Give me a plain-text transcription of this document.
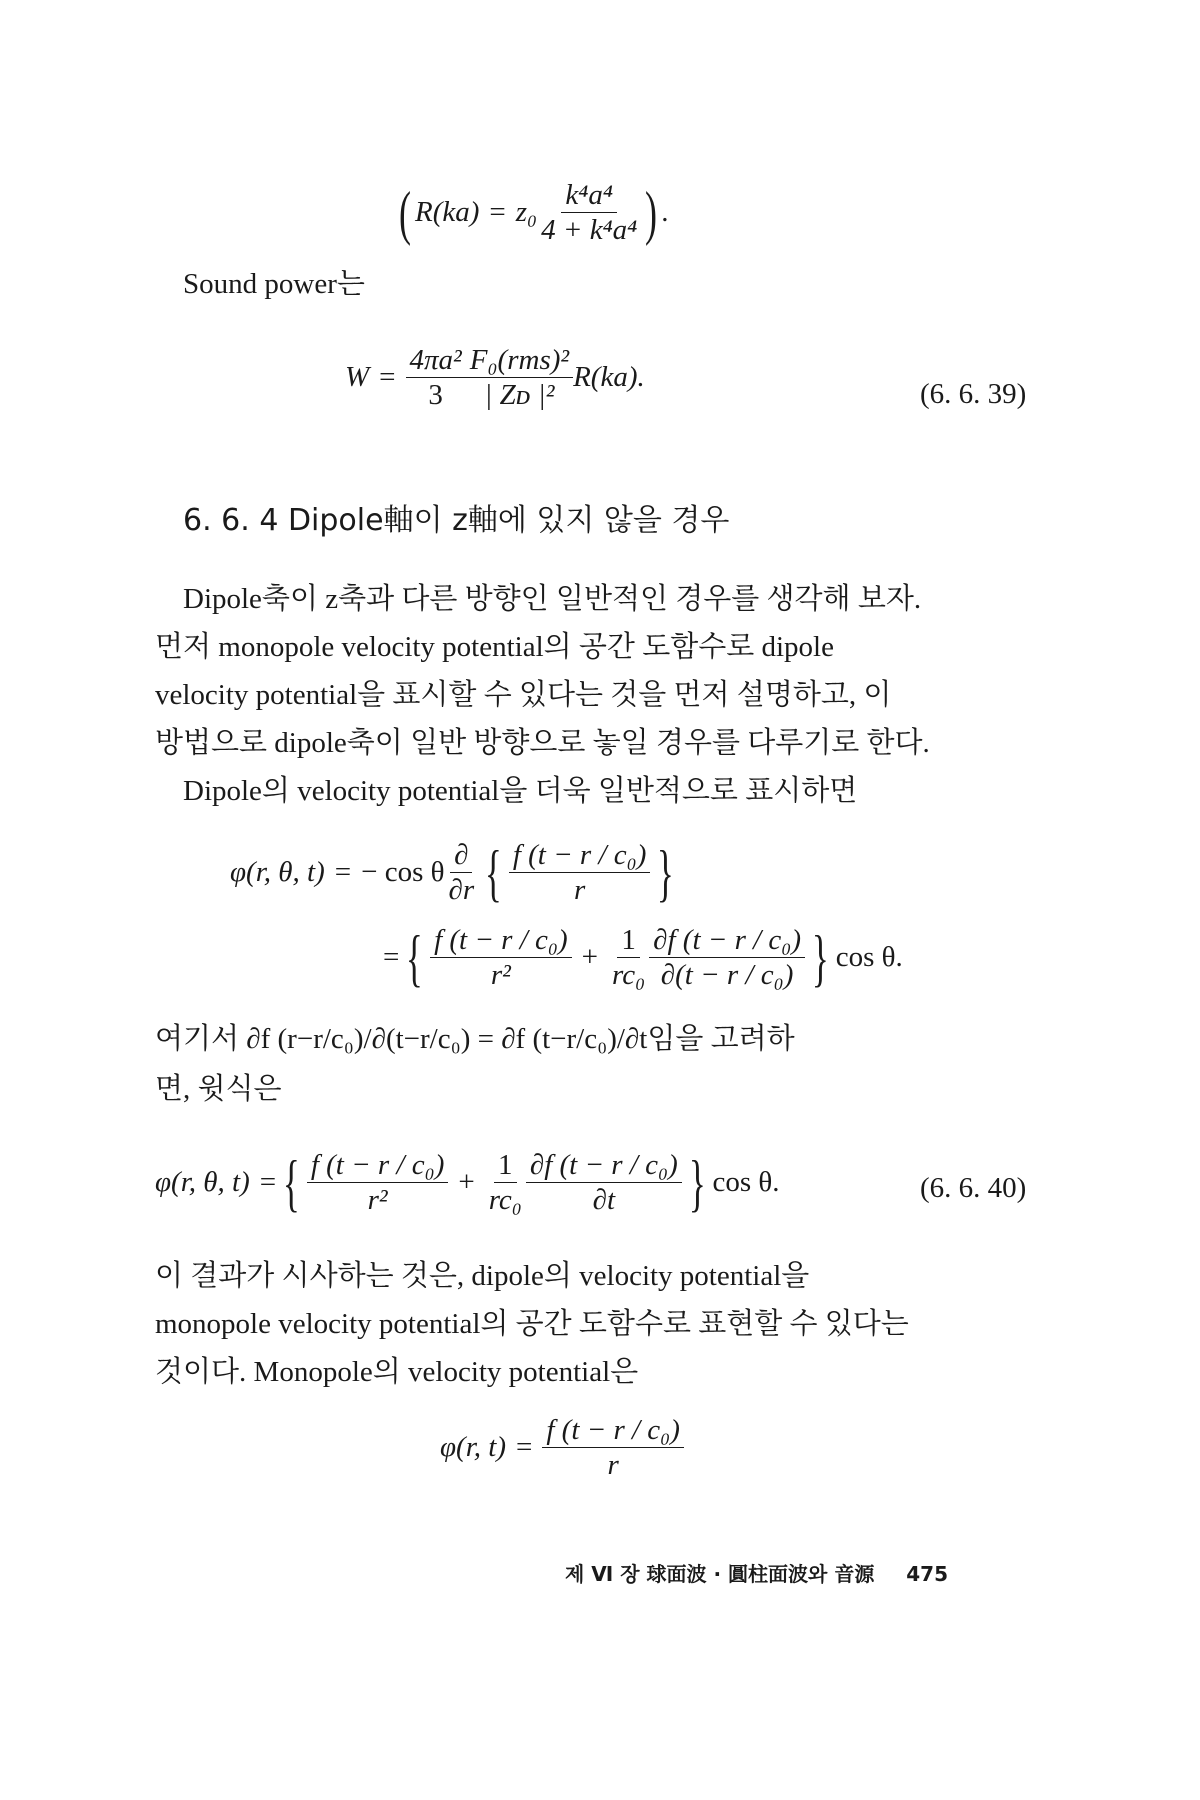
( $R(ka) = z_0 \frac{\text{k⁴a⁴}}{\text{4 + k⁴a⁴}}$ ) .
Sound power는
$W = \frac{\text{4πa²}}{3} \frac{\text{F₀(rms)²}}{\text{| Zᴅ |²}} R(ka)$.
(6. 6. 39)
6. 6. 4 Dipole軸이 z軸에 있지 않을 경우
Dipole축이 z축과 다른 방향인 일반적인 경우를 생각해 보자.
먼저 monopole velocity potential의 공간 도함수로 dipole
velocity potential을 표시할 수 있다는 것을 먼저 설명하고, 이
방법으로 dipole축이 일반 방향으로 놓일 경우를 다루기로 한다.
Dipole의 velocity potential을 더욱 일반적으로 표시하면
φ(r, θ, t) = − cos θ $\frac{\partial}{\partial r}$ { $\frac{\text{f (t − r / c₀)}}{r}$ }
= { $\frac{\text{f (t − r / c₀)}}{\text{r²}} + \frac{1}{\text{rc₀}} \frac{\text{∂f (t − r / c₀)}}{\text{∂(t − r / c₀)}}$ } cos θ.
여기서 ∂f (r−r/c₀)/∂(t−r/c₀) = ∂f (t−r/c₀)/∂t임을 고려하
면, 윗식은
φ(r, θ, t) = { $\frac{\text{f (t − r / c₀)}}{\text{r²}} + \frac{1}{\text{rc₀}} \frac{\text{∂f (t − r / c₀)}}{\partial t}$ } cos θ.	(6. 6. 40)
이 결과가 시사하는 것은, dipole의 velocity potential을
monopole velocity potential의 공간 도함수로 표현할 수 있다는
것이다. Monopole의 velocity potential은
φ(r, $t) = \frac{\text{f (t − r / c₀)}}{r}$
제 Ⅵ 장 球面波 · 圓柱面波와 音源 475
